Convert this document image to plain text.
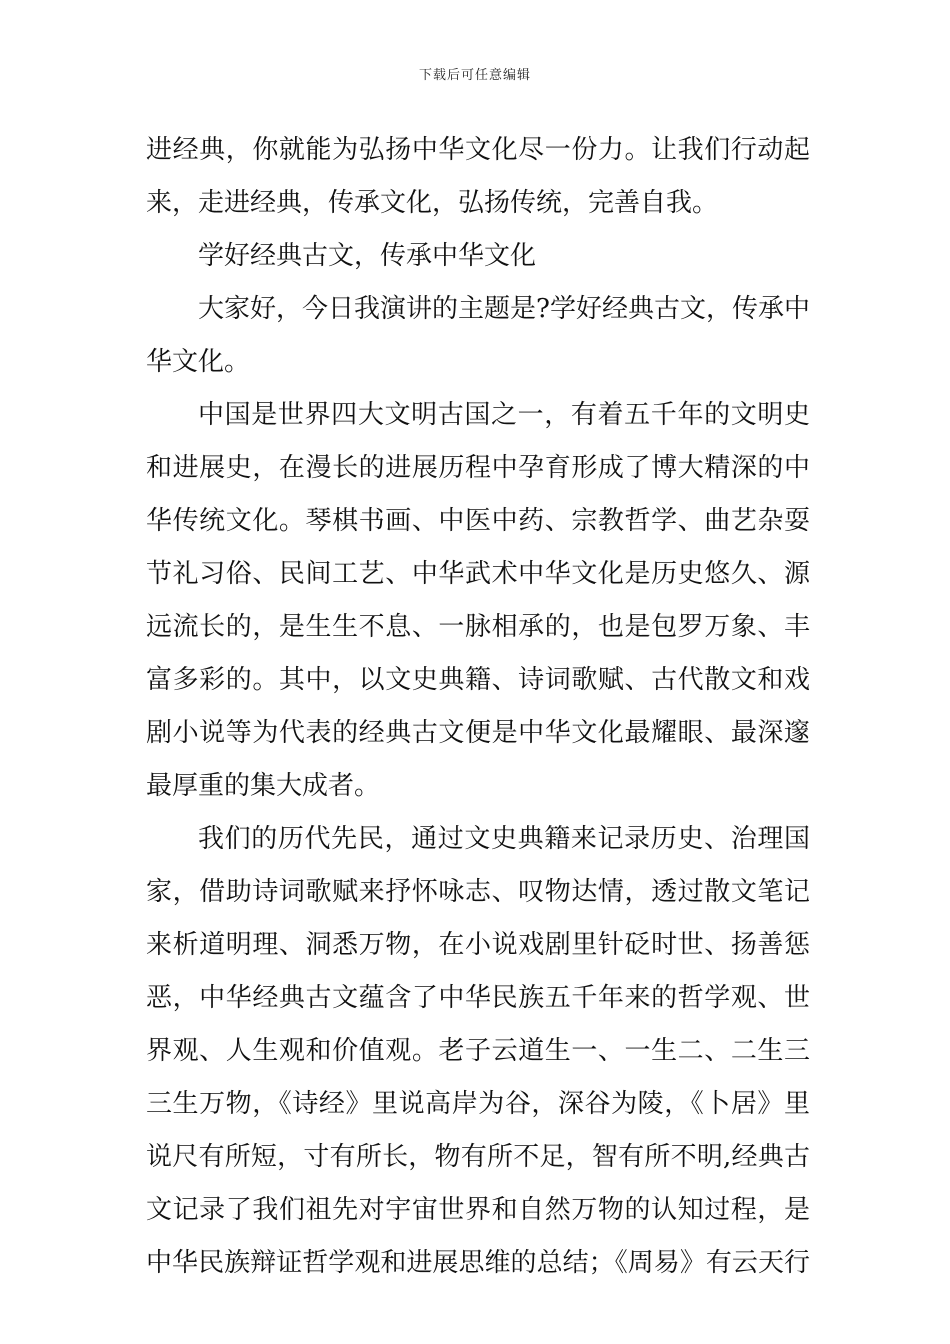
下载后可任意编辑
进经典，你就能为弘扬中华文化尽一份力。让我们行动起
来，走进经典，传承文化，弘扬传统，完善自我。
学好经典古文，传承中华文化
大家好，今日我演讲的主题是?学好经典古文，传承中
华文化。
中国是世界四大文明古国之一，有着五千年的文明史
和进展史，在漫长的进展历程中孕育形成了博大精深的中
华传统文化。琴棋书画、中医中药、宗教哲学、曲艺杂耍
节礼习俗、民间工艺、中华武术中华文化是历史悠久、源
远流长的，是生生不息、一脉相承的，也是包罗万象、丰
富多彩的。其中，以文史典籍、诗词歌赋、古代散文和戏
剧小说等为代表的经典古文便是中华文化最耀眼、最深邃
最厚重的集大成者。
我们的历代先民，通过文史典籍来记录历史、治理国
家，借助诗词歌赋来抒怀咏志、叹物达情，透过散文笔记
来析道明理、洞悉万物，在小说戏剧里针砭时世、扬善惩
恶，中华经典古文蕴含了中华民族五千年来的哲学观、世
界观、人生观和价值观。老子云道生一、一生二、二生三
三生万物，《诗经》里说高岸为谷，深谷为陵，《卜居》里
说尺有所短，寸有所长，物有所不足，智有所不明,经典古
文记录了我们祖先对宇宙世界和自然万物的认知过程，是
中华民族辩证哲学观和进展思维的总结；《周易》有云天行
